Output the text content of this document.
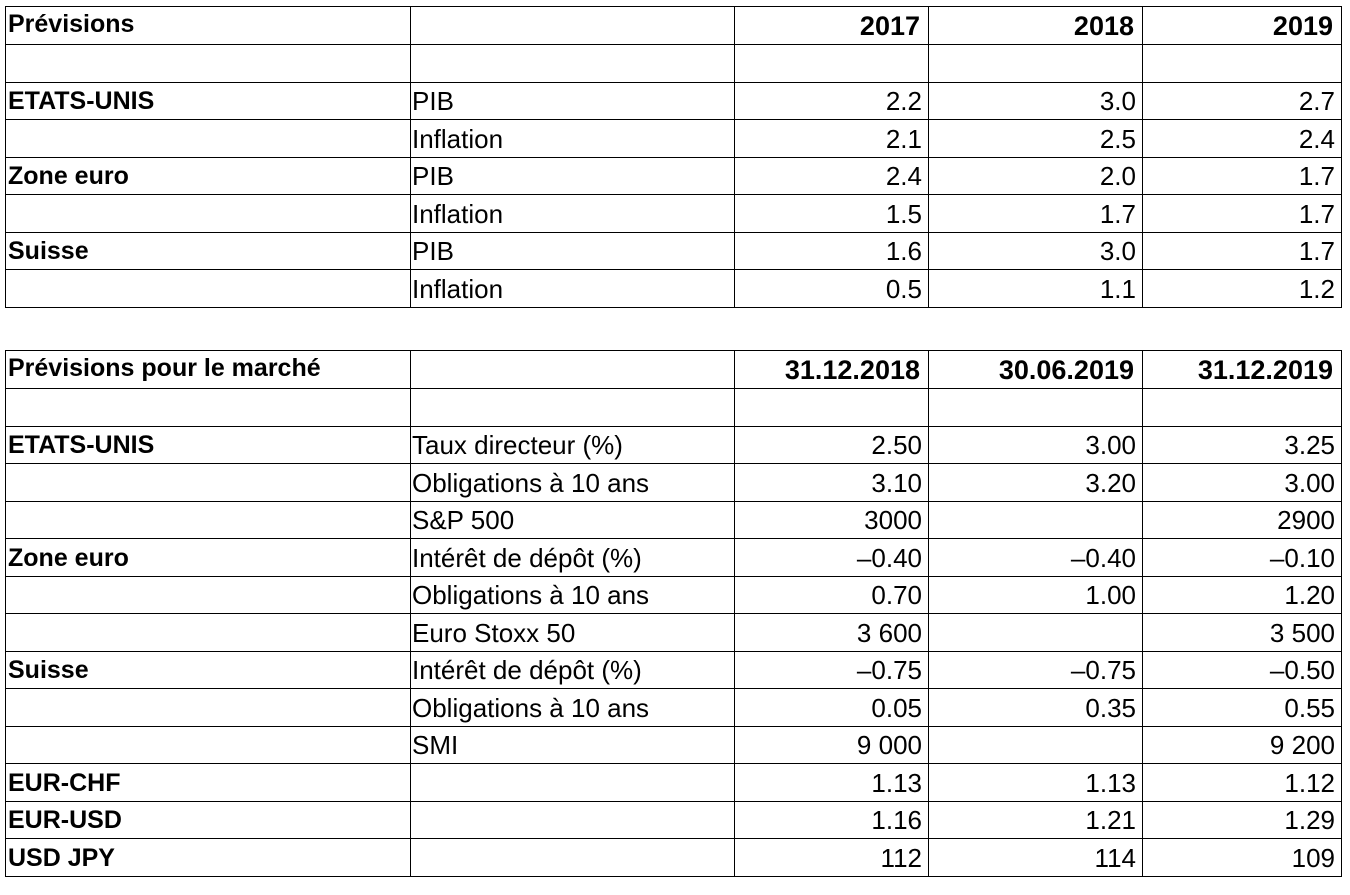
Prévisions		2017	2018	2019

ETATS-UNIS	PIB	2.2	3.0	2.7
	Inflation	2.1	2.5	2.4
Zone euro	PIB	2.4	2.0	1.7
	Inflation	1.5	1.7	1.7
Suisse	PIB	1.6	3.0	1.7
	Inflation	0.5	1.1	1.2
Prévisions pour le marché		31.12.2018	30.06.2019	31.12.2019

ETATS-UNIS	Taux directeur (%)	2.50	3.00	3.25
	Obligations à 10 ans	3.10	3.20	3.00
	S&P 500	3000		2900
Zone euro	Intérêt de dépôt (%)	–0.40	–0.40	–0.10
	Obligations à 10 ans	0.70	1.00	1.20
	Euro Stoxx 50	3 600		3 500
Suisse	Intérêt de dépôt (%)	–0.75	–0.75	–0.50
	Obligations à 10 ans	0.05	0.35	0.55
	SMI	9 000		9 200
EUR-CHF		1.13	1.13	1.12
EUR-USD		1.16	1.21	1.29
USD JPY		112	114	109
